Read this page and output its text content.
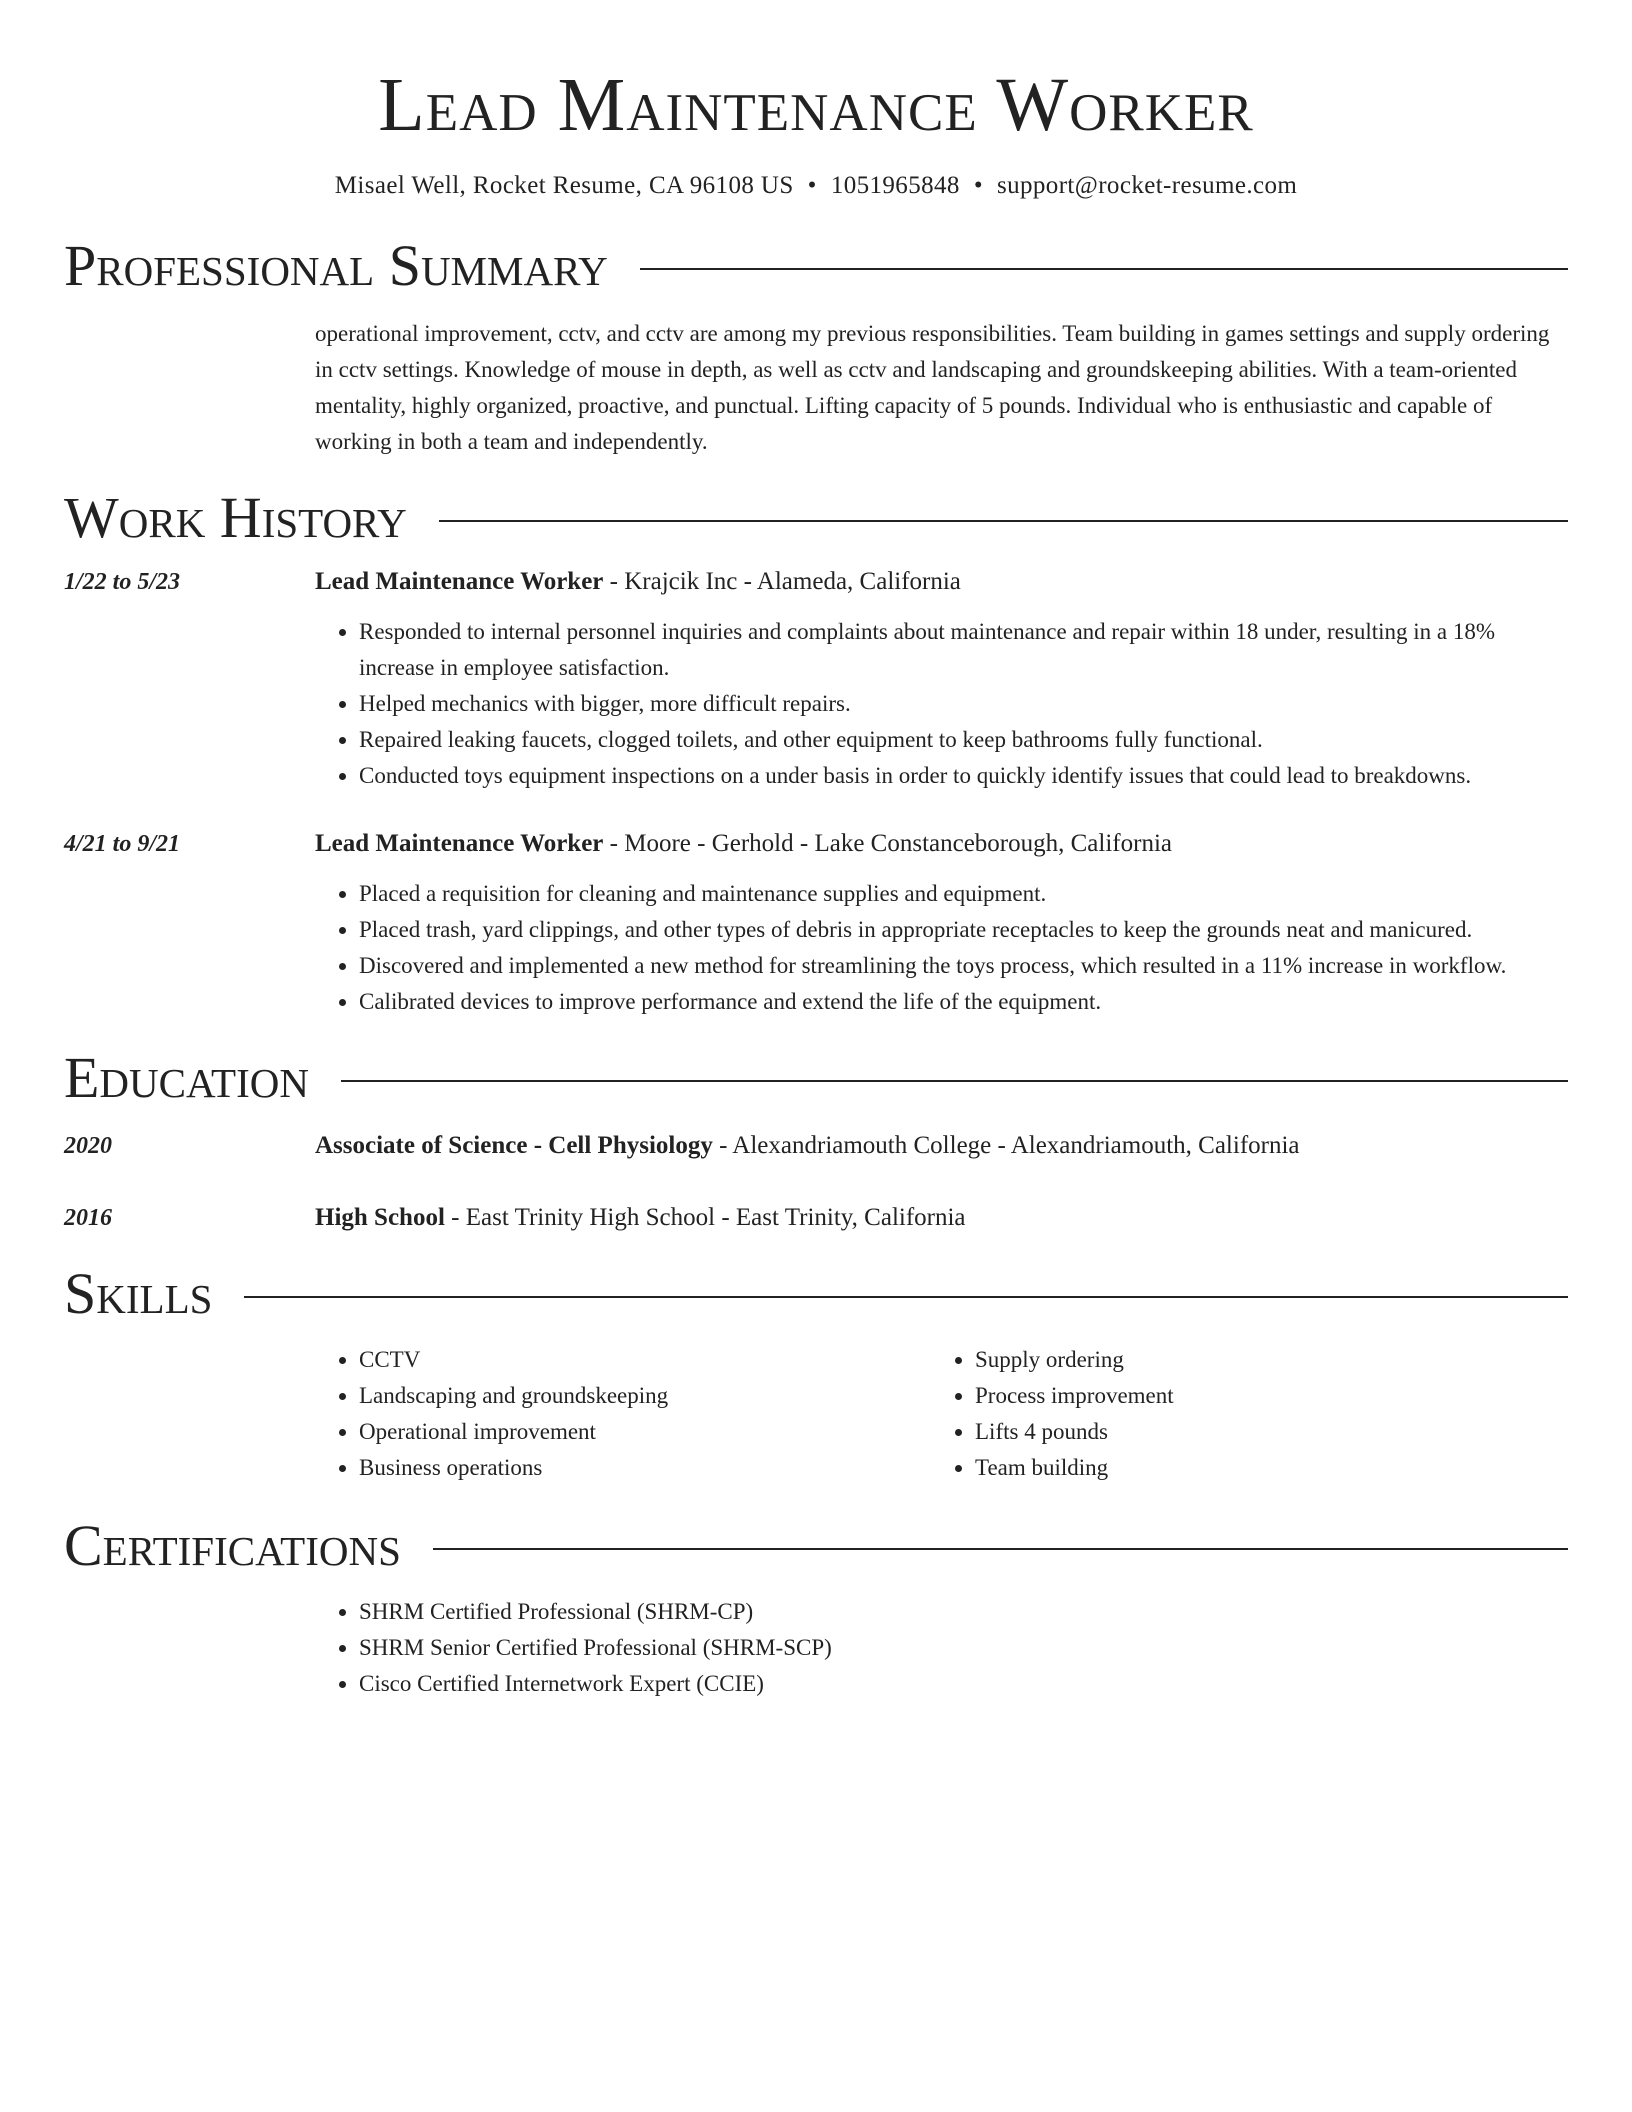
Lead Maintenance Worker
Misael Well, Rocket Resume, CA 96108 US • 1051965848 • support@rocket-resume.com
Professional Summary
operational improvement, cctv, and cctv are among my previous responsibilities. Team building in games settings and supply ordering in cctv settings. Knowledge of mouse in depth, as well as cctv and landscaping and groundskeeping abilities. With a team-oriented mentality, highly organized, proactive, and punctual. Lifting capacity of 5 pounds. Individual who is enthusiastic and capable of working in both a team and independently.
Work History
1/22 to 5/23	Lead Maintenance Worker - Krajcik Inc - Alameda, California
• Responded to internal personnel inquiries and complaints about maintenance and repair within 18 under, resulting in a 18% increase in employee satisfaction.
• Helped mechanics with bigger, more difficult repairs.
• Repaired leaking faucets, clogged toilets, and other equipment to keep bathrooms fully functional.
• Conducted toys equipment inspections on a under basis in order to quickly identify issues that could lead to breakdowns.
4/21 to 9/21	Lead Maintenance Worker - Moore - Gerhold - Lake Constanceborough, California
• Placed a requisition for cleaning and maintenance supplies and equipment.
• Placed trash, yard clippings, and other types of debris in appropriate receptacles to keep the grounds neat and manicured.
• Discovered and implemented a new method for streamlining the toys process, which resulted in a 11% increase in workflow.
• Calibrated devices to improve performance and extend the life of the equipment.
Education
2020	Associate of Science - Cell Physiology - Alexandriamouth College - Alexandriamouth, California
2016	High School - East Trinity High School - East Trinity, California
Skills
• CCTV
• Landscaping and groundskeeping
• Operational improvement
• Business operations
• Supply ordering
• Process improvement
• Lifts 4 pounds
• Team building
Certifications
• SHRM Certified Professional (SHRM-CP)
• SHRM Senior Certified Professional (SHRM-SCP)
• Cisco Certified Internetwork Expert (CCIE)
